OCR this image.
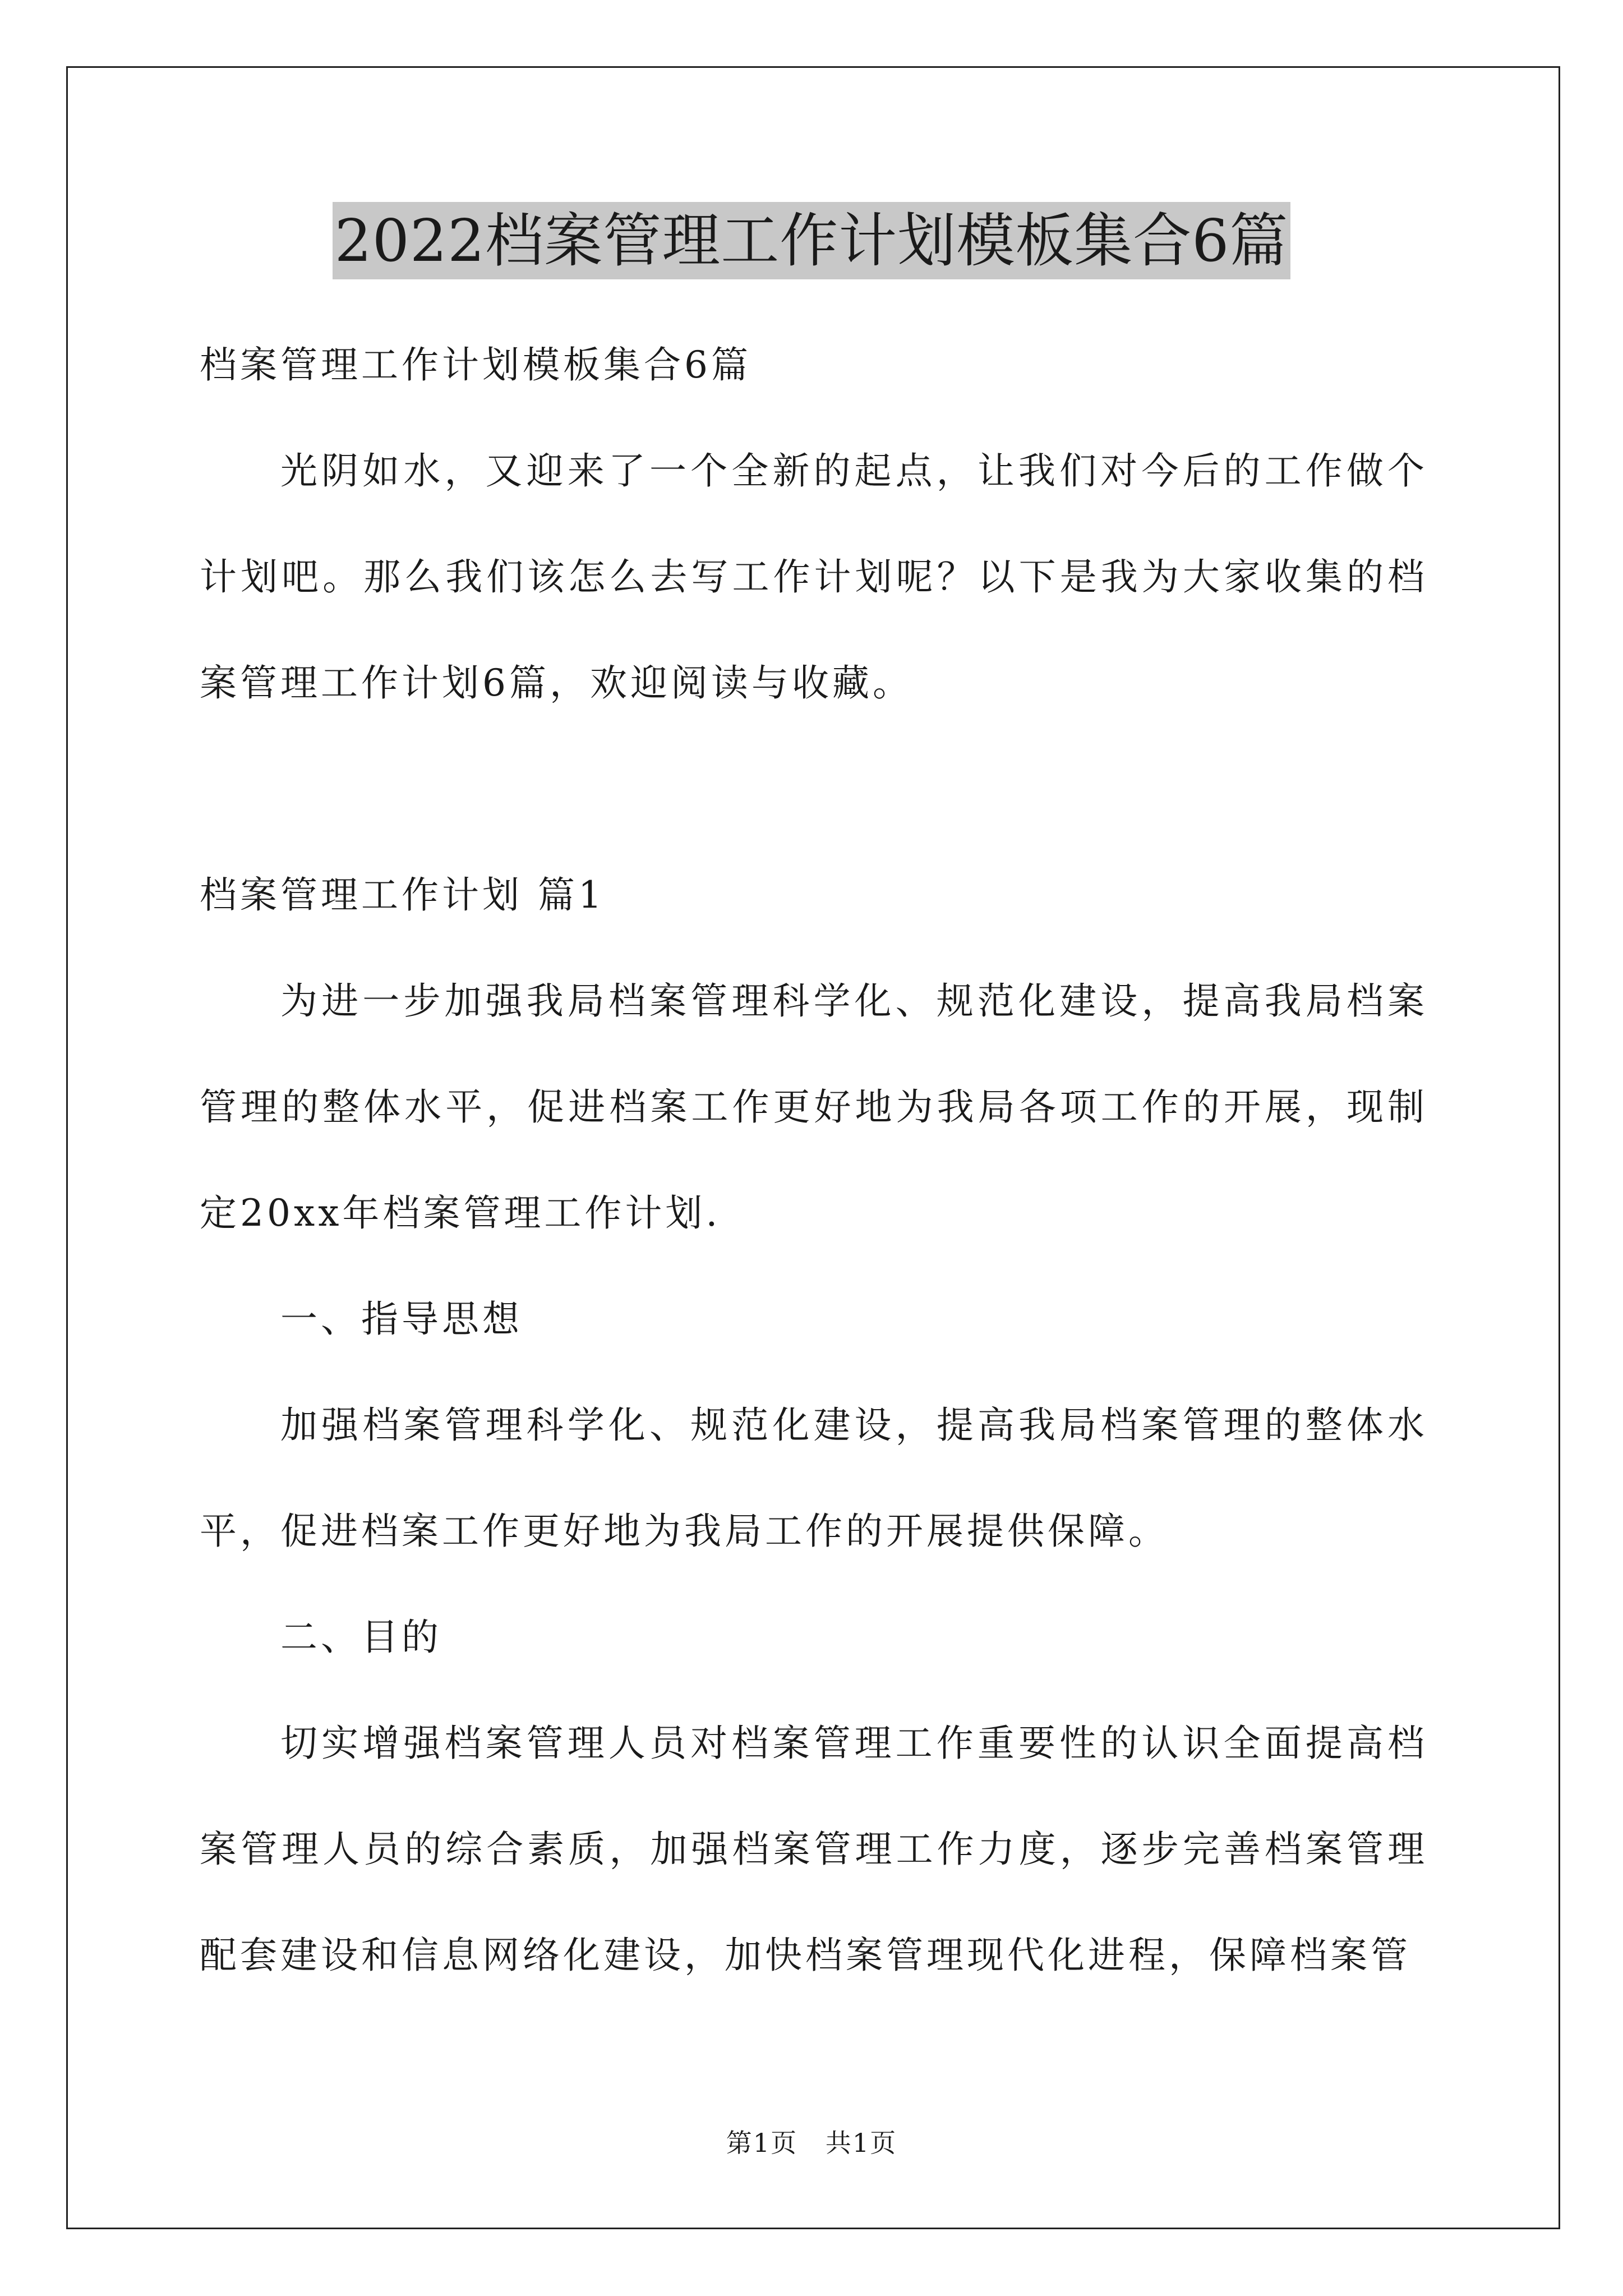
2022档案管理工作计划模板集合6篇

档案管理工作计划模板集合6篇

光阴如水，又迎来了一个全新的起点，让我们对今后的工作做个计划吧。那么我们该怎么去写工作计划呢？以下是我为大家收集的档案管理工作计划6篇，欢迎阅读与收藏。

档案管理工作计划 篇1

为进一步加强我局档案管理科学化、规范化建设，提高我局档案管理的整体水平，促进档案工作更好地为我局各项工作的开展，现制定20xx年档案管理工作计划.

一、指导思想

加强档案管理科学化、规范化建设，提高我局档案管理的整体水平，促进档案工作更好地为我局工作的开展提供保障。

二、目的

切实增强档案管理人员对档案管理工作重要性的认识全面提高档案管理人员的综合素质，加强档案管理工作力度，逐步完善档案管理配套建设和信息网络化建设，加快档案管理现代化进程，保障档案管

第1页   共1页
